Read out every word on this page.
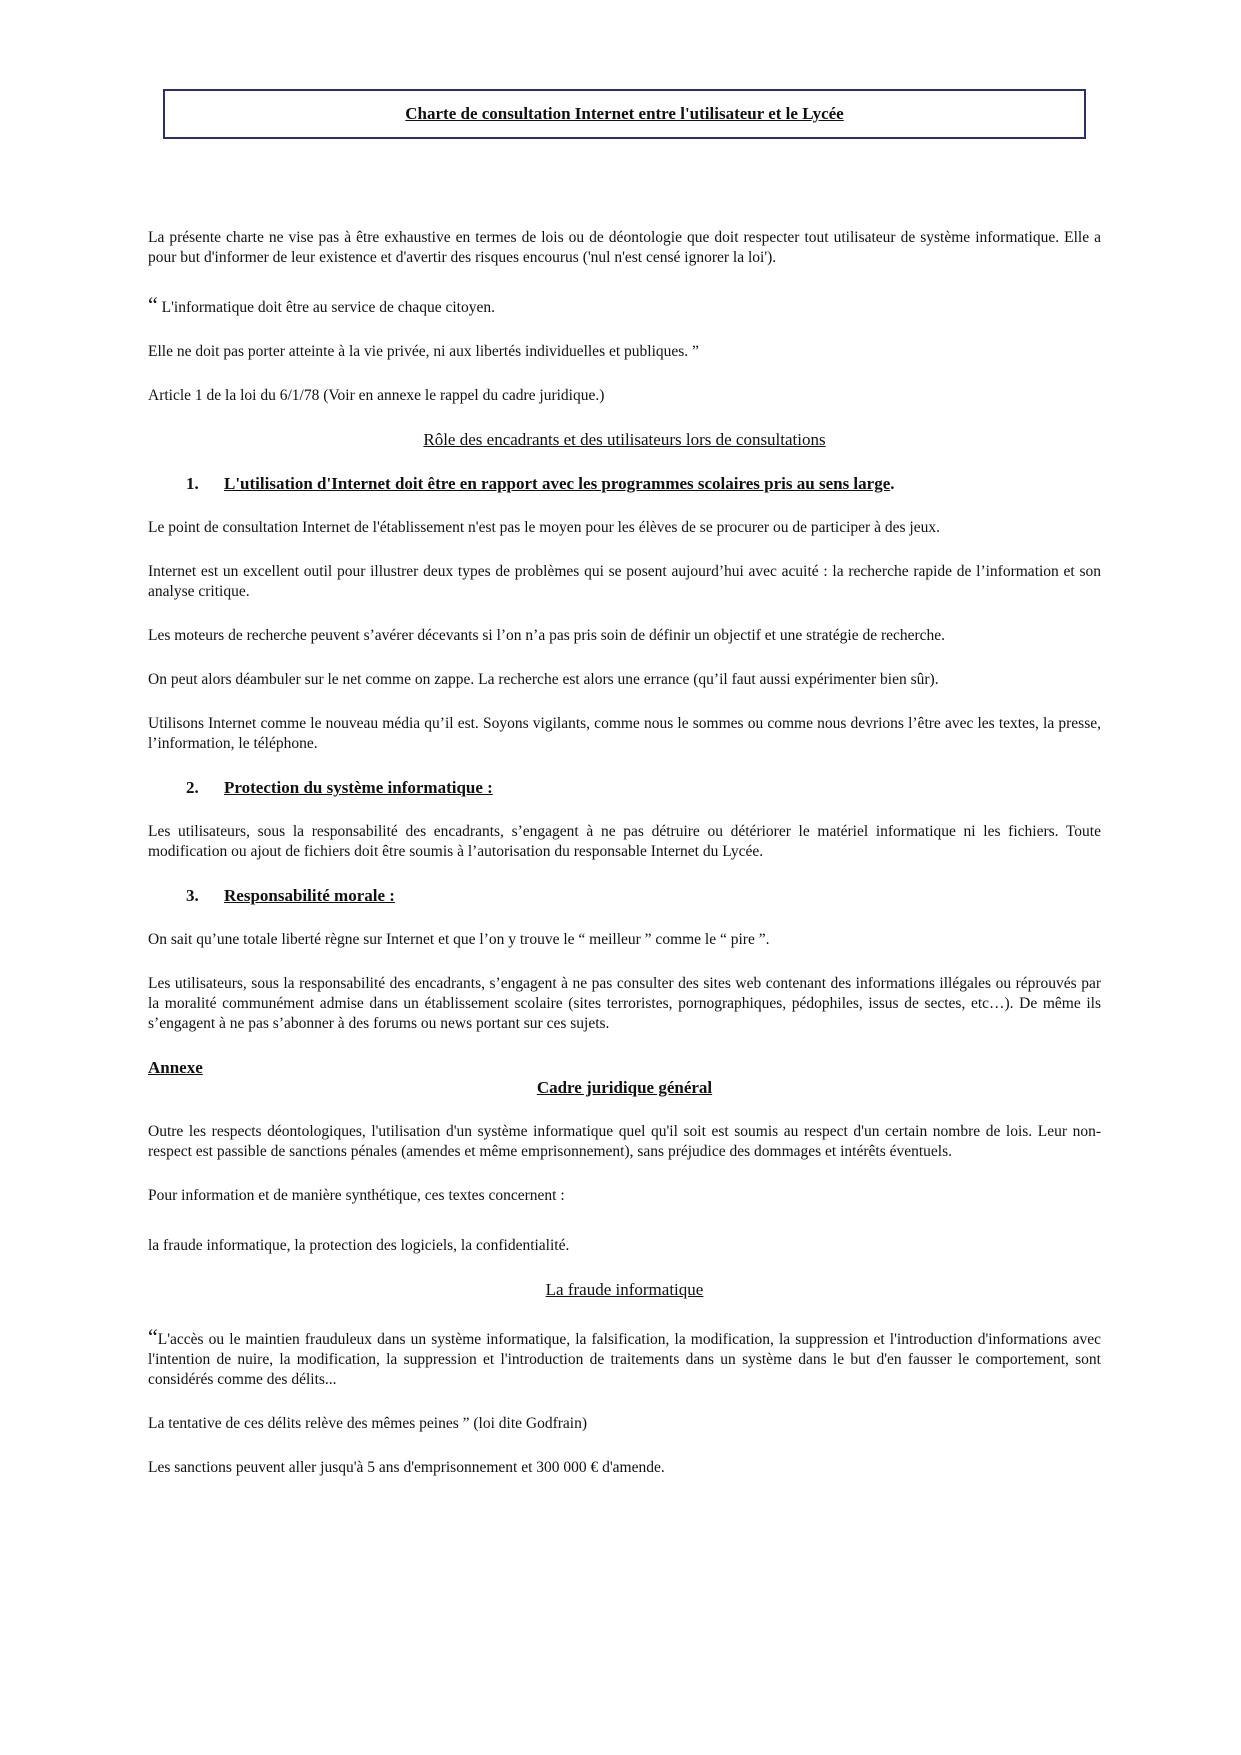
Charte de consultation Internet entre l'utilisateur et le Lycée

La présente charte ne vise pas à être exhaustive en termes de lois ou de déontologie que doit respecter tout utilisateur de système informatique. Elle a pour but d'informer de leur existence et d'avertir des risques encourus ('nul n'est censé ignorer la loi').

“ L'informatique doit être au service de chaque citoyen.

Elle ne doit pas porter atteinte à la vie privée, ni aux libertés individuelles et publiques. ”

Article 1 de la loi du 6/1/78 (Voir en annexe le rappel du cadre juridique.)

Rôle des encadrants et des utilisateurs lors de consultations

1.	L'utilisation d'Internet doit être en rapport avec les programmes scolaires pris au sens large.

Le point de consultation Internet de l'établissement n'est pas le moyen pour les élèves de se procurer ou de participer à des jeux.

Internet est un excellent outil pour illustrer deux types de problèmes qui se posent aujourd’hui avec acuité : la recherche rapide de l’information et son analyse critique.

Les moteurs de recherche peuvent s’avérer décevants si l’on n’a pas pris soin de définir un objectif et une stratégie de recherche.

On peut alors déambuler sur le net comme on zappe. La recherche est alors une errance (qu’il faut aussi expérimenter bien sûr).

Utilisons Internet comme le nouveau média qu’il est. Soyons vigilants, comme nous le sommes ou comme nous devrions l’être avec les textes, la presse, l’information, le téléphone.

2.	Protection du système informatique :

Les utilisateurs, sous la responsabilité des encadrants, s’engagent à ne pas détruire ou détériorer le matériel informatique ni les fichiers. Toute modification ou ajout de fichiers doit être soumis à l’autorisation du responsable Internet du Lycée.

3.	Responsabilité morale :

On sait qu’une totale liberté règne sur Internet et que l’on y trouve le “ meilleur ” comme le “ pire ”.

Les utilisateurs, sous la responsabilité des encadrants, s’engagent à ne pas consulter des sites web contenant des informations illégales ou réprouvés par la moralité communément admise dans un établissement scolaire (sites terroristes, pornographiques, pédophiles, issus de sectes, etc…). De même ils s’engagent à ne pas s’abonner à des forums ou news portant sur ces sujets.

Annexe

Cadre juridique général

Outre les respects déontologiques, l'utilisation d'un système informatique quel qu'il soit est soumis au respect d'un certain nombre de lois. Leur non-respect est passible de sanctions pénales (amendes et même emprisonnement), sans préjudice des dommages et intérêts éventuels.

Pour information et de manière synthétique, ces textes concernent :

la fraude informatique, la protection des logiciels, la confidentialité.

La fraude informatique

“L'accès ou le maintien frauduleux dans un système informatique, la falsification, la modification, la suppression et l'introduction d'informations avec l'intention de nuire, la modification, la suppression et l'introduction de traitements dans un système dans le but d'en fausser le comportement, sont considérés comme des délits...

La tentative de ces délits relève des mêmes peines ” (loi dite Godfrain)

Les sanctions peuvent aller jusqu'à 5 ans d'emprisonnement et 300 000 € d'amende.
